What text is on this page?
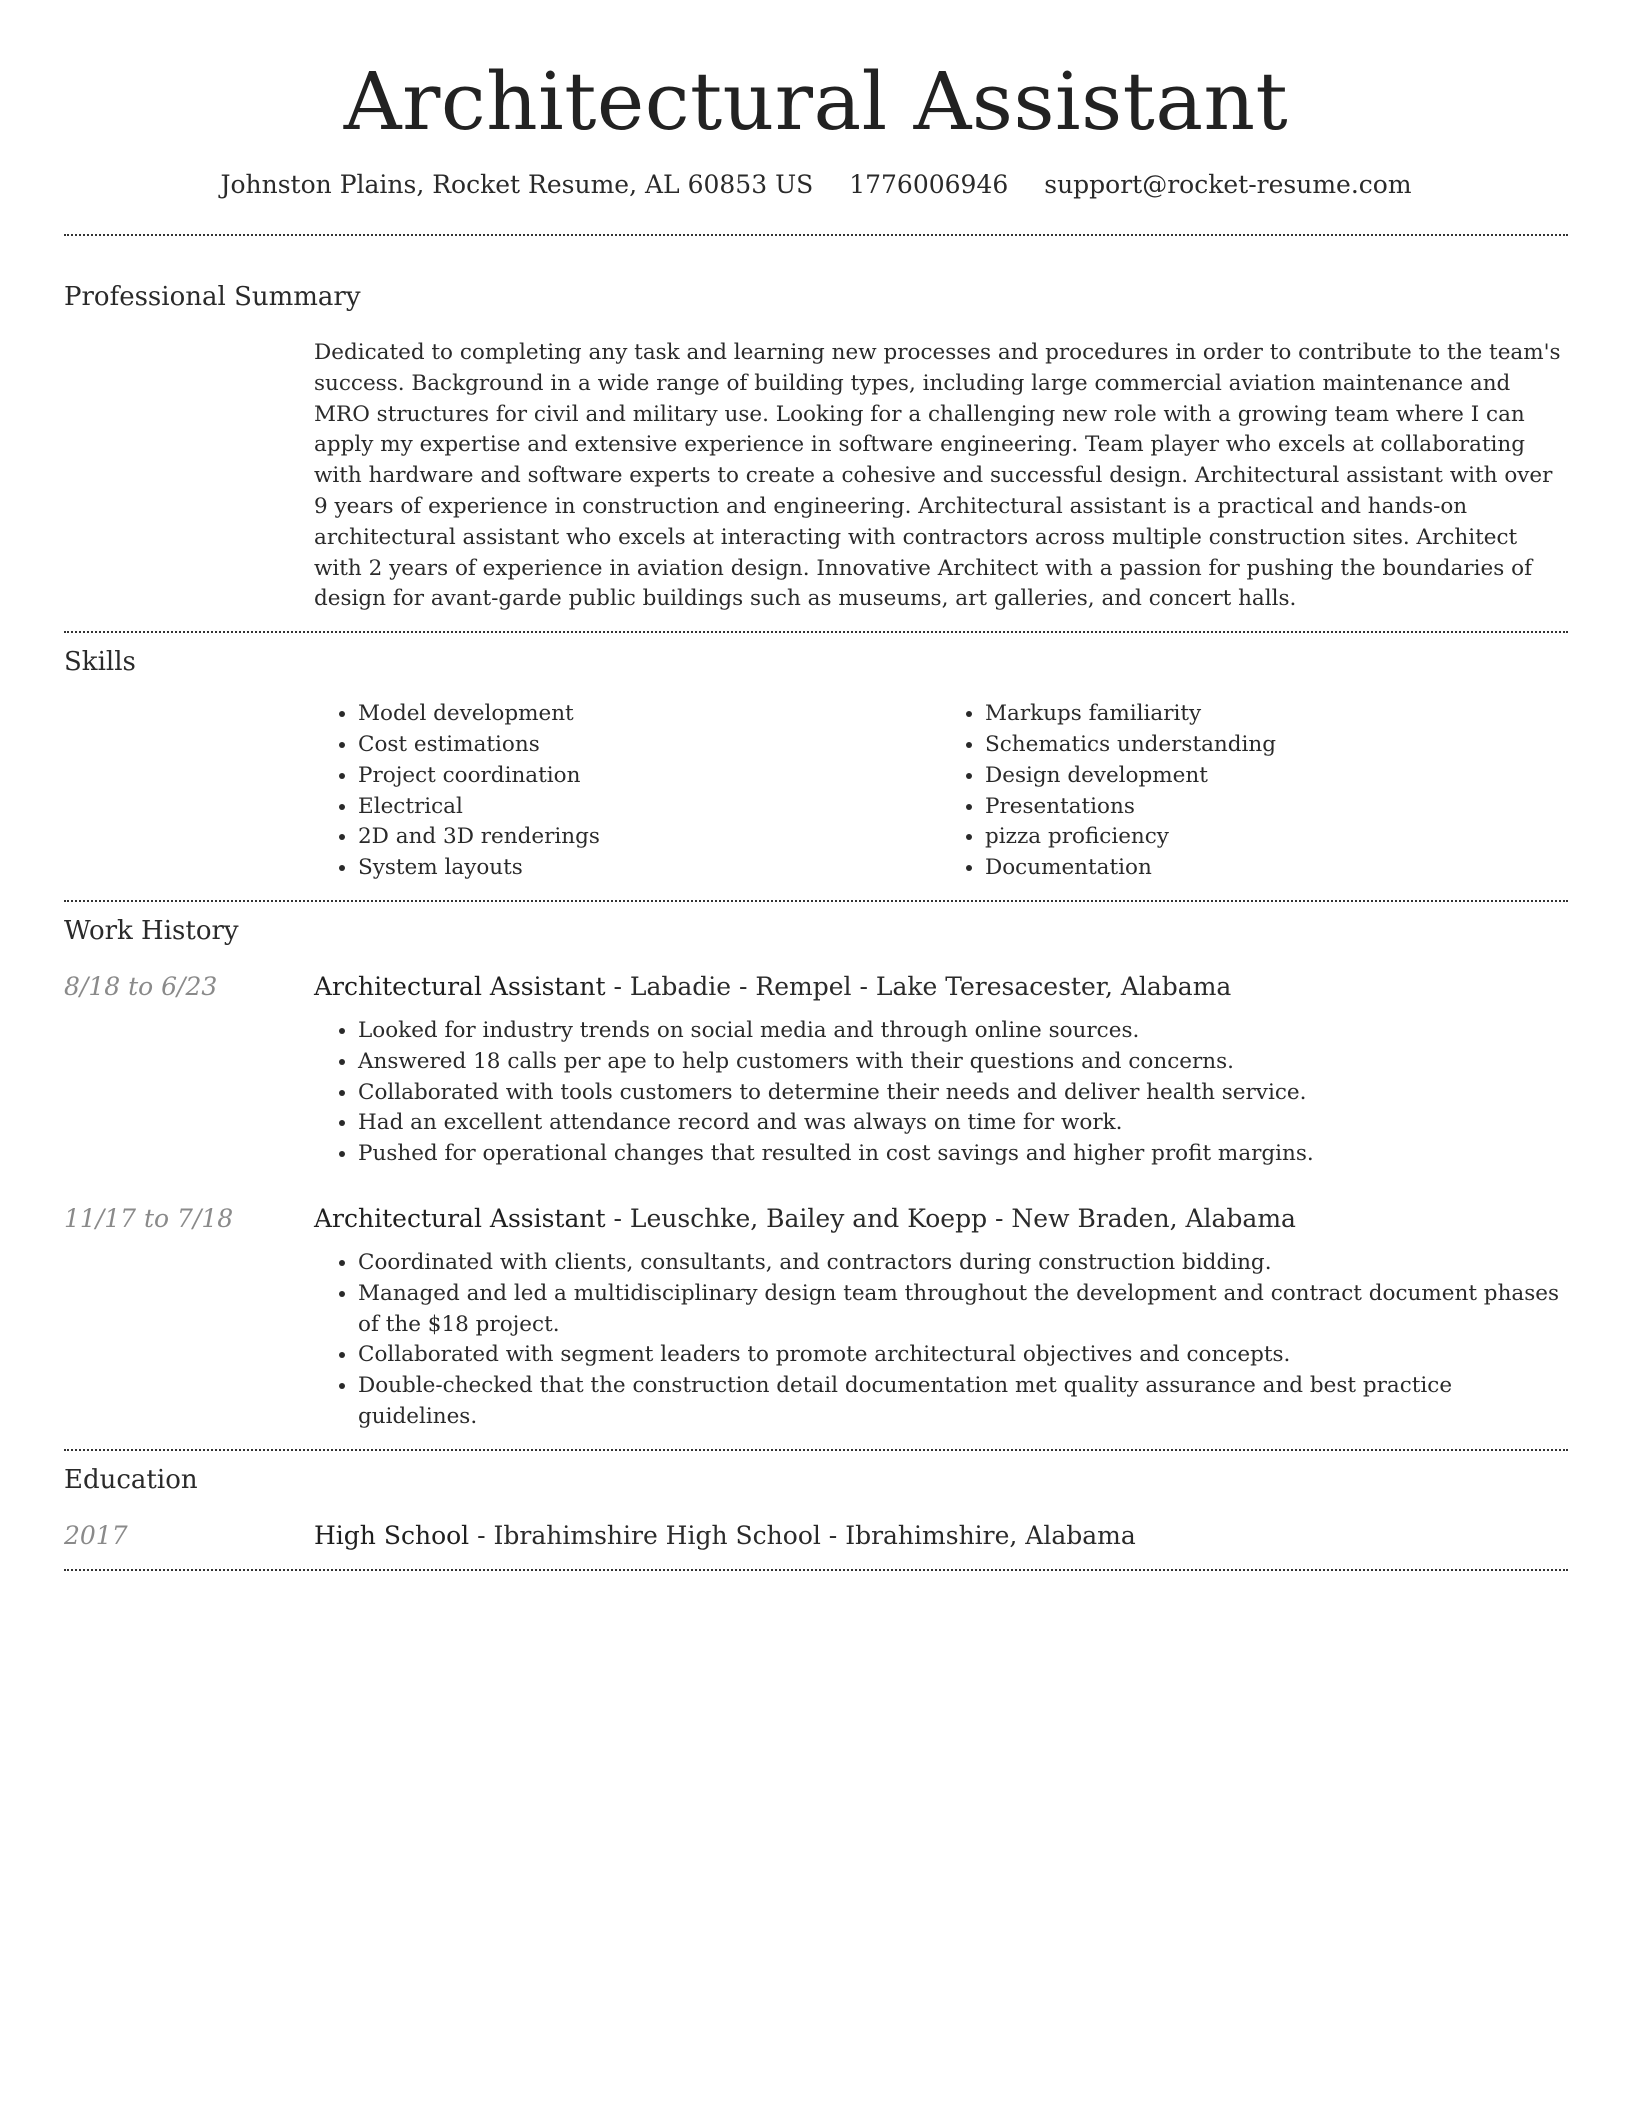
Architectural Assistant
Johnston Plains, Rocket Resume, AL 60853 US 1776006946 support@rocket-resume.com
Professional Summary
Dedicated to completing any task and learning new processes and procedures in order to contribute to the team's success. Background in a wide range of building types, including large commercial aviation maintenance and MRO structures for civil and military use. Looking for a challenging new role with a growing team where I can apply my expertise and extensive experience in software engineering. Team player who excels at collaborating with hardware and software experts to create a cohesive and successful design. Architectural assistant with over 9 years of experience in construction and engineering. Architectural assistant is a practical and hands-on architectural assistant who excels at interacting with contractors across multiple construction sites. Architect with 2 years of experience in aviation design. Innovative Architect with a passion for pushing the boundaries of design for avant-garde public buildings such as museums, art galleries, and concert halls.
Skills
• Model development
• Cost estimations
• Project coordination
• Electrical
• 2D and 3D renderings
• System layouts
• Markups familiarity
• Schematics understanding
• Design development
• Presentations
• pizza proficiency
• Documentation
Work History
8/18 to 6/23	Architectural Assistant - Labadie - Rempel - Lake Teresacester, Alabama
• Looked for industry trends on social media and through online sources.
• Answered 18 calls per ape to help customers with their questions and concerns.
• Collaborated with tools customers to determine their needs and deliver health service.
• Had an excellent attendance record and was always on time for work.
• Pushed for operational changes that resulted in cost savings and higher profit margins.
11/17 to 7/18	Architectural Assistant - Leuschke, Bailey and Koepp - New Braden, Alabama
• Coordinated with clients, consultants, and contractors during construction bidding.
• Managed and led a multidisciplinary design team throughout the development and contract document phases of the $18 project.
• Collaborated with segment leaders to promote architectural objectives and concepts.
• Double-checked that the construction detail documentation met quality assurance and best practice guidelines.
Education
2017	High School - Ibrahimshire High School - Ibrahimshire, Alabama
